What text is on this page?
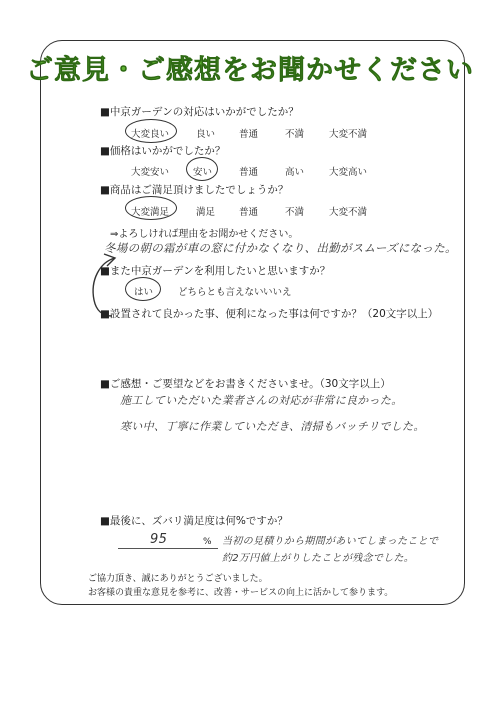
ご意見・ご感想をお聞かせください
■中京ガーデンの対応はいかがでしたか？
大変良い	良い	普通	不満	大変不満
■価格はいかがでしたか？
大変安い	安い	普通	高い	大変高い
■商品はご満足頂けましたでしょうか？
大変満足	満足	普通	不満	大変不満
⇒よろしければ理由をお聞かせください。
冬場の朝の霜が車の窓に付かなくなり、出勤がスムーズになった。
■また中京ガーデンを利用したいと思いますか？
はい	どちらとも言えない いいえ
■設置されて良かった事、便利になった事は何ですか？（20文字以上）
■ご感想・ご要望などをお書きくださいませ。（30文字以上）
施工していただいた業者さんの対応が非常に良かった。
寒い中、丁寧に作業していただき、清掃もバッチリでした。
■最後に、ズバリ満足度は何%ですか？
95	% 当初の見積りから期間があいてしまったことで
約2万円値上がりしたことが残念でした。
ご協力頂き、誠にありがとうございました。
お客様の貴重な意見を参考に、改善・サービスの向上に活かして参ります。
